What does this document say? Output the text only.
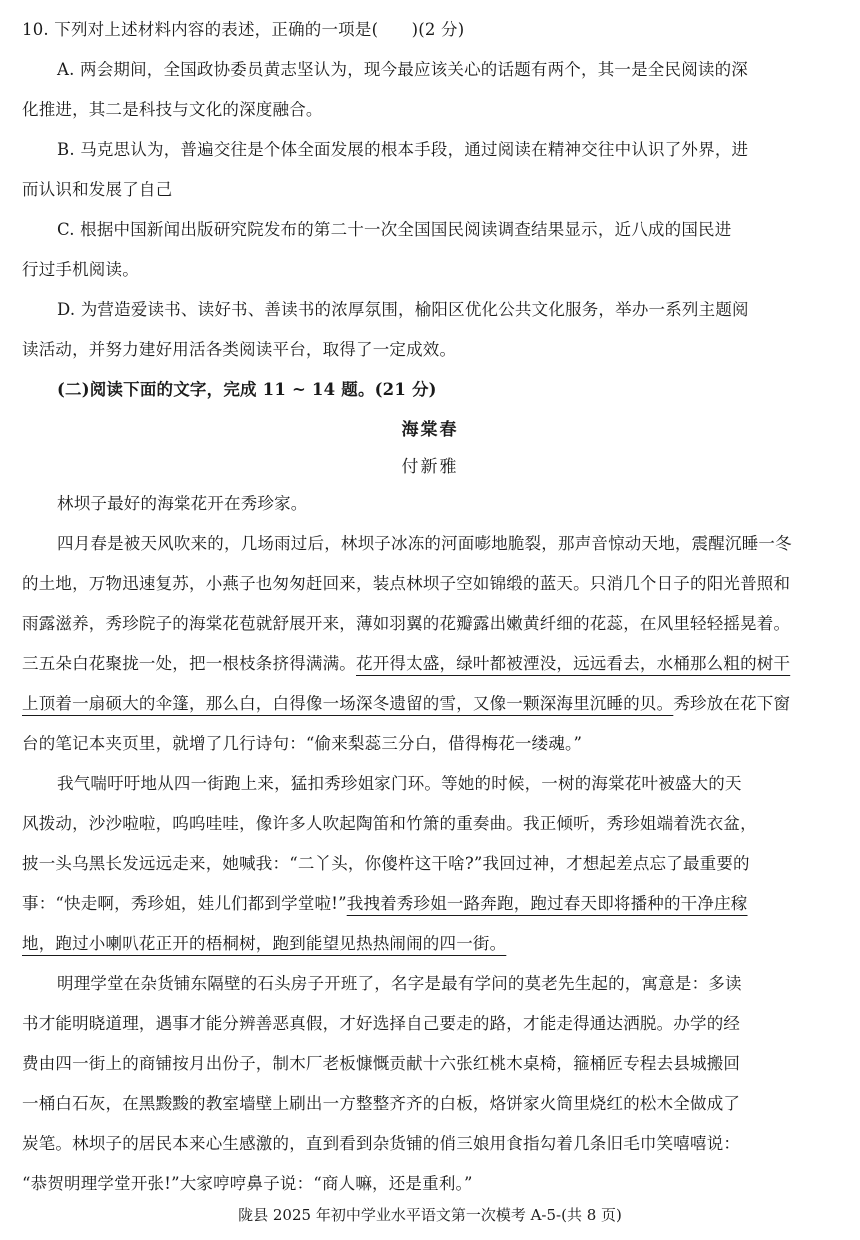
10. 下列对上述材料内容的表述，正确的一项是(　　)(2 分)
A. 两会期间，全国政协委员黄志坚认为，现今最应该关心的话题有两个，其一是全民阅读的深
化推进，其二是科技与文化的深度融合。
B. 马克思认为，普遍交往是个体全面发展的根本手段，通过阅读在精神交往中认识了外界，进
而认识和发展了自己
C. 根据中国新闻出版研究院发布的第二十一次全国国民阅读调查结果显示，近八成的国民进
行过手机阅读。
D. 为营造爱读书、读好书、善读书的浓厚氛围，榆阳区优化公共文化服务，举办一系列主题阅
读活动，并努力建好用活各类阅读平台，取得了一定成效。
(二)阅读下面的文字，完成 11 ~ 14 题。(21 分)
海棠春
付新雅
林坝子最好的海棠花开在秀珍家。
四月春是被天风吹来的，几场雨过后，林坝子冰冻的河面嘭地脆裂，那声音惊动天地，震醒沉睡一冬
的土地，万物迅速复苏，小燕子也匆匆赶回来，装点林坝子空如锦缎的蓝天。只消几个日子的阳光普照和
雨露滋养，秀珍院子的海棠花苞就舒展开来，薄如羽翼的花瓣露出嫩黄纤细的花蕊，在风里轻轻摇晃着。
三五朵白花聚拢一处，把一根枝条挤得满满。花开得太盛，绿叶都被湮没，远远看去，水桶那么粗的树干
上顶着一扇硕大的伞篷，那么白，白得像一场深冬遗留的雪，又像一颗深海里沉睡的贝。秀珍放在花下窗
台的笔记本夹页里，就增了几行诗句：“偷来梨蕊三分白，借得梅花一缕魂。”
我气喘吁吁地从四一街跑上来，猛扣秀珍姐家门环。等她的时候，一树的海棠花叶被盛大的天
风拨动，沙沙啦啦，呜呜哇哇，像许多人吹起陶笛和竹箫的重奏曲。我正倾听，秀珍姐端着洗衣盆，
披一头乌黑长发远远走来，她喊我：“二丫头，你傻杵这干啥?”我回过神，才想起差点忘了最重要的
事：“快走啊，秀珍姐，娃儿们都到学堂啦!”我拽着秀珍姐一路奔跑，跑过春天即将播种的干净庄稼
地，跑过小喇叭花正开的梧桐树，跑到能望见热热闹闹的四一街。
明理学堂在杂货铺东隔壁的石头房子开班了，名字是最有学问的莫老先生起的，寓意是：多读
书才能明晓道理，遇事才能分辨善恶真假，才好选择自己要走的路，才能走得通达洒脱。办学的经
费由四一街上的商铺按月出份子，制木厂老板慷慨贡献十六张红桃木桌椅，箍桶匠专程去县城搬回
一桶白石灰，在黑黢黢的教室墙壁上刷出一方整整齐齐的白板，烙饼家火筒里烧红的松木全做成了
炭笔。林坝子的居民本来心生感激的，直到看到杂货铺的俏三娘用食指勾着几条旧毛巾笑嘻嘻说：
“恭贺明理学堂开张!”大家哼哼鼻子说：“商人嘛，还是重利。”
陇县 2025 年初中学业水平语文第一次模考 A-5-(共 8 页)
